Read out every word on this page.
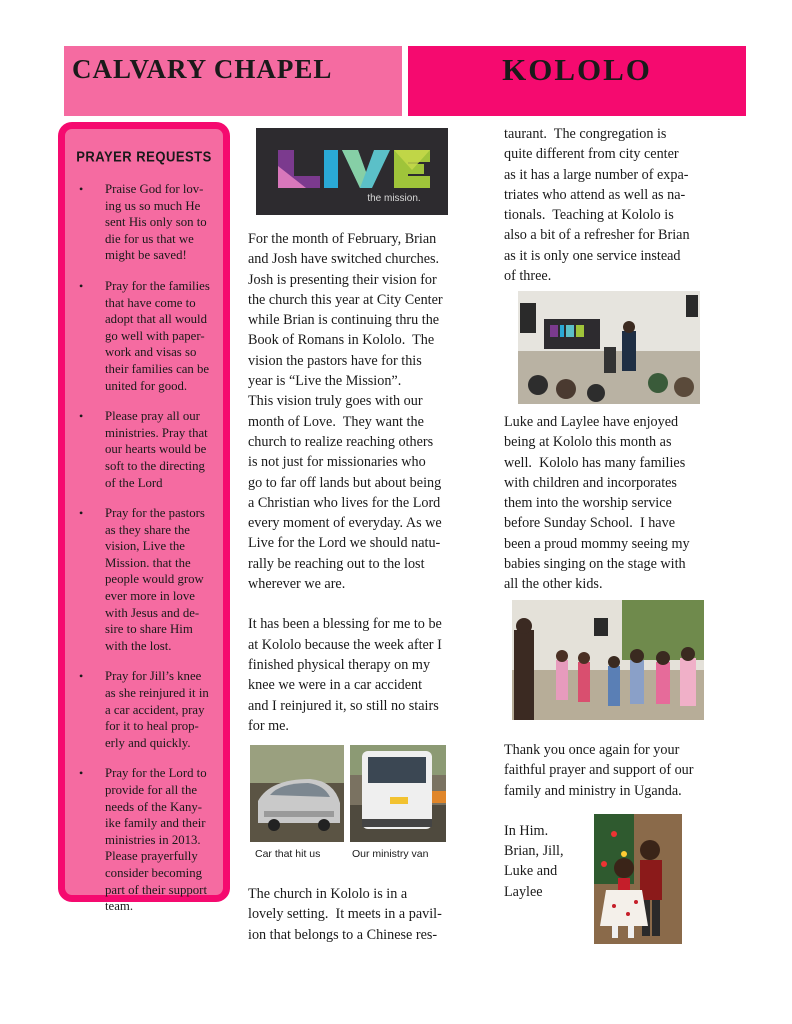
CALVARY CHAPEL	KOLOLO
PRAYER REQUESTS
• Praise God for lov-
ing us so much He
sent His only son to
die for us that we
might be saved!
• Pray for the families
that have come to
adopt that all would
go well with paper-
work and visas so
their families can be
united for good.
• Please pray all our
ministries. Pray that
our hearts would be
soft to the directing
of the Lord
• Pray for the pastors
as they share the
vision, Live the
Mission. that the
people would grow
ever more in love
with Jesus and de-
sire to share Him
with the lost.
• Pray for Jill’s knee
as she reinjured it in
a car accident, pray
for it to heal prop-
erly and quickly.
• Pray for the Lord to
provide for all the
needs of the Kany-
ike family and their
ministries in 2013.
Please prayerfully
consider becoming
part of their support
team.
the mission.

For the month of February, Brian
and Josh have switched churches.
Josh is presenting their vision for
the church this year at City Center
while Brian is continuing thru the
Book of Romans in Kololo.  The
vision the pastors have for this
year is “Live the Mission”.
This vision truly goes with our
month of Love.  They want the
church to realize reaching others
is not just for missionaries who
go to far off lands but about being
a Christian who lives for the Lord
every moment of everyday. As we
Live for the Lord we should natu-
rally be reaching out to the lost
wherever we are.

It has been a blessing for me to be
at Kololo because the week after I
finished physical therapy on my
knee we were in a car accident
and I reinjured it, so still no stairs
for me.

Car that hit us	Our ministry van

The church in Kololo is in a
lovely setting.  It meets in a pavil-
ion that belongs to a Chinese res-

taurant.  The congregation is
quite different from city center
as it has a large number of expa-
triates who attend as well as na-
tionals.  Teaching at Kololo is
also a bit of a refresher for Brian
as it is only one service instead
of three.

Luke and Laylee have enjoyed
being at Kololo this month as
well.  Kololo has many families
with children and incorporates
them into the worship service
before Sunday School.  I have
been a proud mommy seeing my
babies singing on the stage with
all the other kids.

Thank you once again for your
faithful prayer and support of our
family and ministry in Uganda.

In Him.
Brian, Jill,
Luke and
Laylee
